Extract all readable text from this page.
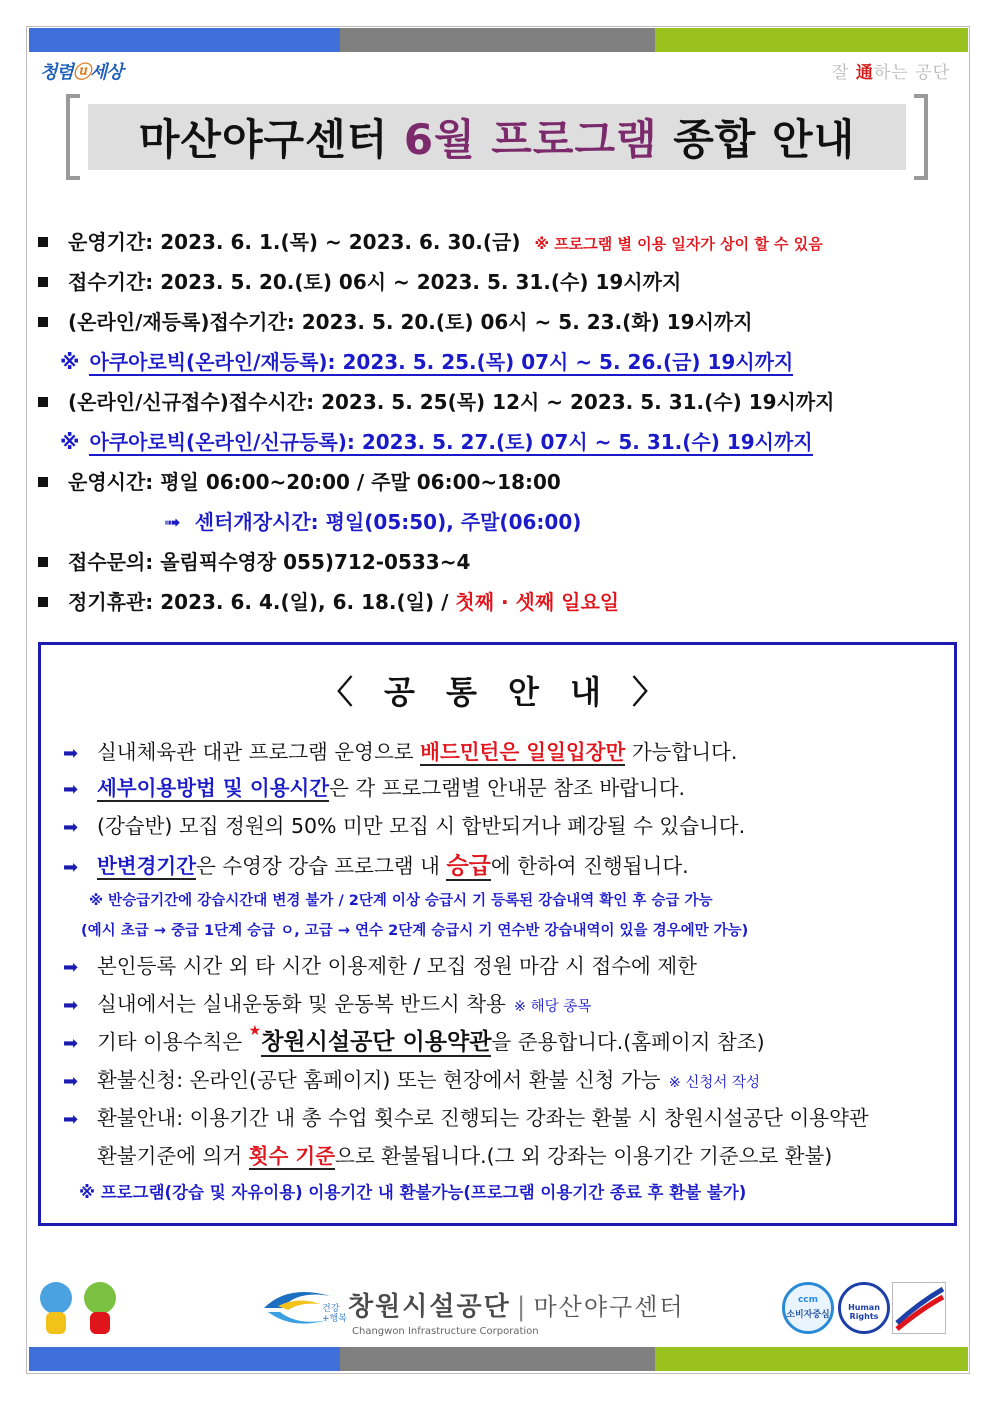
청렴ⓤ세상	잘 通하는 공단
마산야구센터 6월 프로그램 종합 안내
운영기간: 2023. 6. 1.(목) ~ 2023. 6. 30.(금) ※ 프로그램 별 이용 일자가 상이 할 수 있음
접수기간: 2023. 5. 20.(토) 06시 ~ 2023. 5. 31.(수) 19시까지
(온라인/재등록)접수기간: 2023. 5. 20.(토) 06시 ~ 5. 23.(화) 19시까지
※ 아쿠아로빅(온라인/재등록): 2023. 5. 25.(목) 07시 ~ 5. 26.(금) 19시까지
(온라인/신규접수)접수시간: 2023. 5. 25(목) 12시 ~ 2023. 5. 31.(수) 19시까지
※ 아쿠아로빅(온라인/신규등록): 2023. 5. 27.(토) 07시 ~ 5. 31.(수) 19시까지
운영시간: 평일 06:00~20:00 / 주말 06:00~18:00
➟ 센터개장시간: 평일(05:50), 주말(06:00)
접수문의: 올림픽수영장 055)712-0533~4
정기휴관: 2023. 6. 4.(일), 6. 18.(일) / 첫째 · 셋째 일요일
〈 공 통 안 내 〉
➡ 실내체육관 대관 프로그램 운영으로 배드민턴은 일일입장만 가능합니다.
➡ 세부이용방법 및 이용시간은 각 프로그램별 안내문 참조 바랍니다.
➡ (강습반) 모집 정원의 50% 미만 모집 시 합반되거나 폐강될 수 있습니다.
➡ 반변경기간은 수영장 강습 프로그램 내 승급에 한하여 진행됩니다.
※ 반승급기간에 강습시간대 변경 불가 / 2단계 이상 승급시 기 등록된 강습내역 확인 후 승급 가능
(예시 초급 → 중급 1단계 승급 ㅇ, 고급 → 연수 2단계 승급시 기 연수반 강습내역이 있을 경우에만 가능)
➡ 본인등록 시간 외 타 시간 이용제한 / 모집 정원 마감 시 접수에 제한
➡ 실내에서는 실내운동화 및 운동복 반드시 착용 ※ 해당 종목
➡ 기타 이용수칙은 ★창원시설공단 이용약관을 준용합니다.(홈페이지 참조)
➡ 환불신청: 온라인(공단 홈페이지) 또는 현장에서 환불 신청 가능 ※ 신청서 작성
➡ 환불안내: 이용기간 내 총 수업 횟수로 진행되는 강좌는 환불 시 창원시설공단 이용약관
환불기준에 의거 횟수 기준으로 환불됩니다.(그 외 강좌는 이용기간 기준으로 환불)
※ 프로그램(강습 및 자유이용) 이용기간 내 환불가능(프로그램 이용기간 종료 후 환불 불가)
건강
+행복 창원시설공단 | 마산야구센터
Changwon Infrastructure Corporation
ccm
소비자중심
Human Rights
